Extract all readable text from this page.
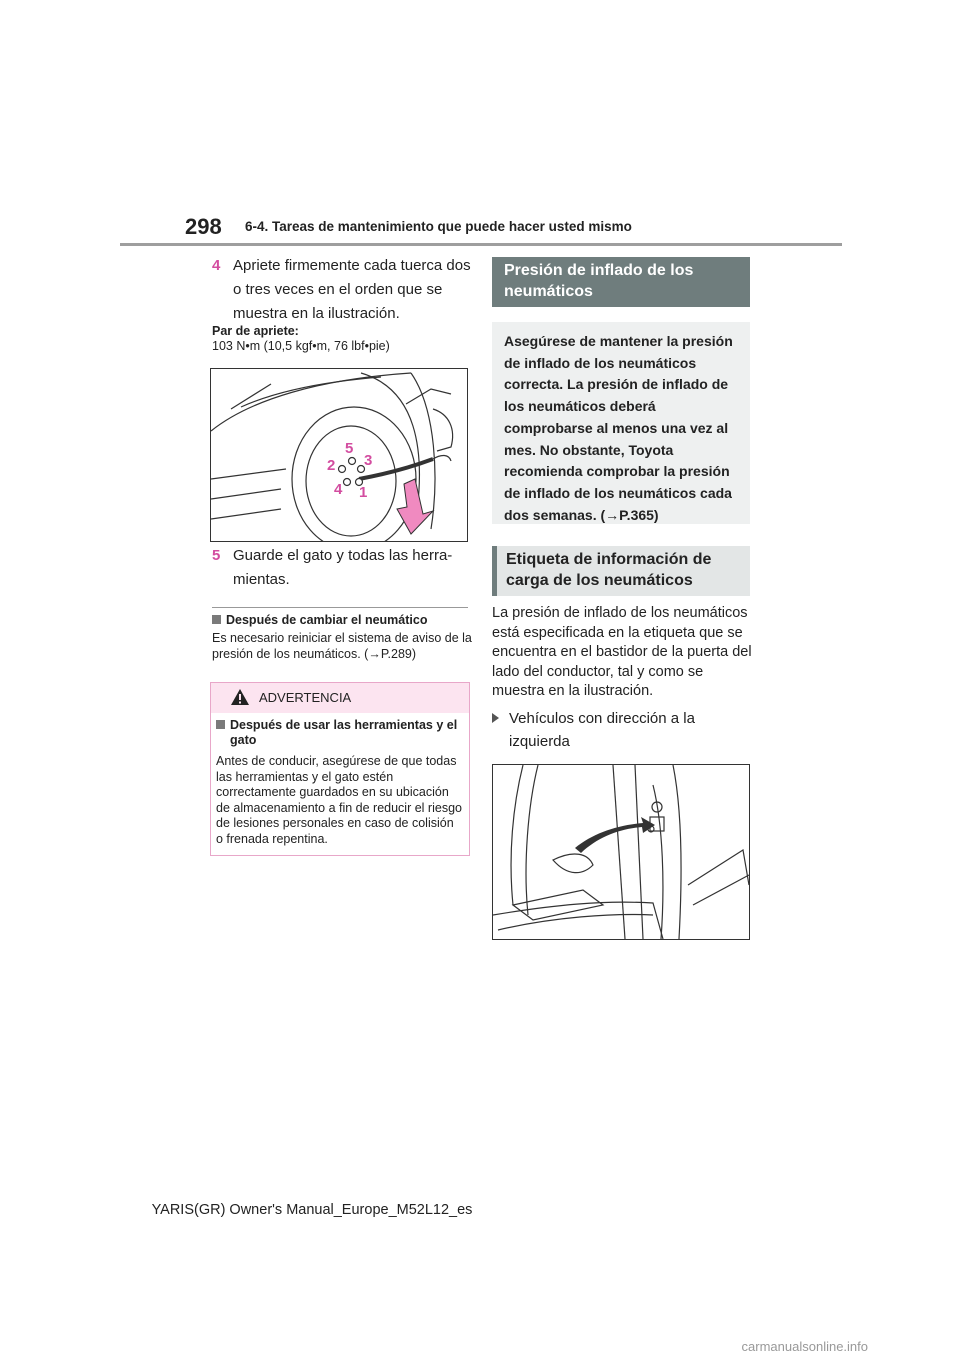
298 6-4. Tareas de mantenimiento que puede hacer usted mismo
4 Apriete firmemente cada tuerca dos o tres veces en el orden que se muestra en la ilustración.
Par de apriete:
103 N•m (10,5 kgf•m, 76 lbf•pie)
5
2 3
4 1
5 Guarde el gato y todas las herra-mientas.
Después de cambiar el neumático
Es necesario reiniciar el sistema de aviso de la presión de los neumáticos. (→P.289)
ADVERTENCIA
Después de usar las herramientas y el gato
Antes de conducir, asegúrese de que todas las herramientas y el gato estén correctamente guardados en su ubicación de almacenamiento a fin de reducir el riesgo de lesiones personales en caso de colisión o frenada repentina.
Presión de inflado de los neumáticos

Asegúrese de mantener la presión de inflado de los neumáticos correcta. La presión de inflado de los neumáticos deberá comprobarse al menos una vez al mes. No obstante, Toyota recomienda comprobar la presión de inflado de los neumáticos cada dos semanas. (→P.365)

Etiqueta de información de carga de los neumáticos
La presión de inflado de los neumáticos está especificada en la etiqueta que se encuentra en el bastidor de la puerta del lado del conductor, tal y como se muestra en la ilustración.
Vehículos con dirección a la izquierda
YARIS(GR) Owner's Manual_Europe_M52L12_es
carmanualsonline.info
